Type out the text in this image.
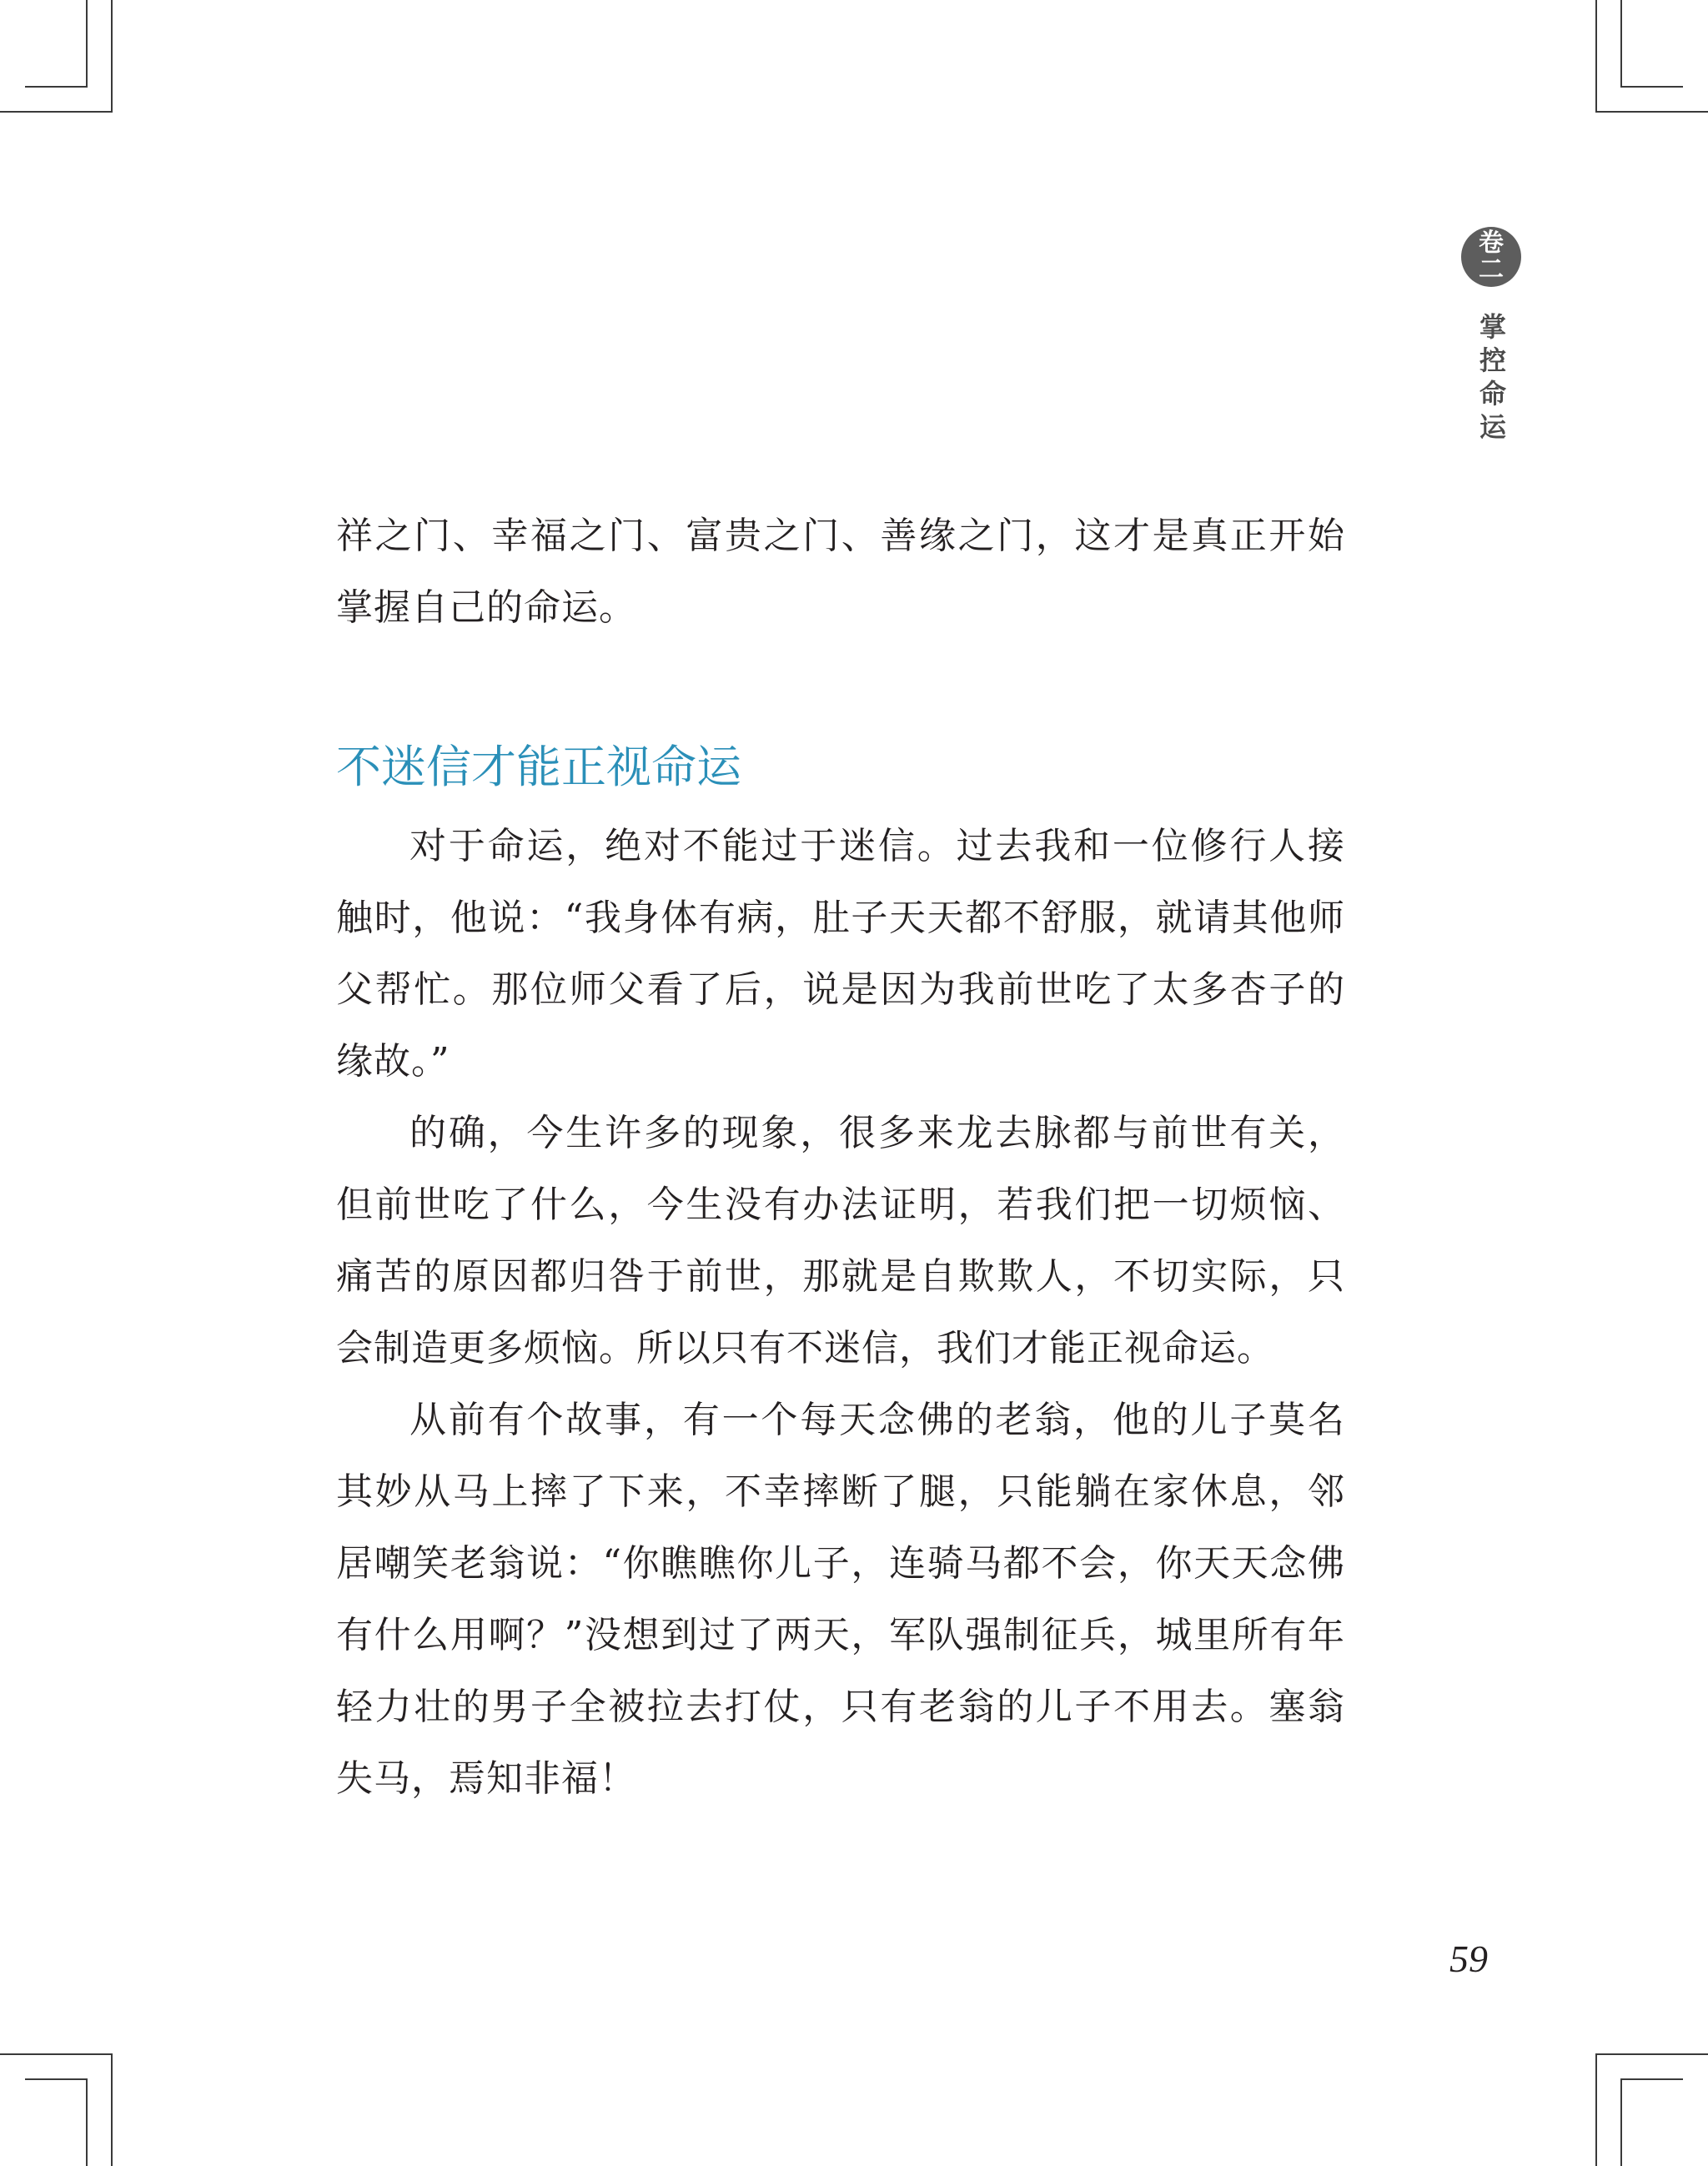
卷
二
掌
控
命
运

祥之门、幸福之门、富贵之门、善缘之门，这才是真正开始掌握自己的命运。

不迷信才能正视命运

对于命运，绝对不能过于迷信。过去我和一位修行人接触时，他说：“我身体有病，肚子天天都不舒服，就请其他师父帮忙。那位师父看了后，说是因为我前世吃了太多杏子的缘故。”

的确，今生许多的现象，很多来龙去脉都与前世有关，但前世吃了什么，今生没有办法证明，若我们把一切烦恼、痛苦的原因都归咎于前世，那就是自欺欺人，不切实际，只会制造更多烦恼。所以只有不迷信，我们才能正视命运。

从前有个故事，有一个每天念佛的老翁，他的儿子莫名其妙从马上摔了下来，不幸摔断了腿，只能躺在家休息，邻居嘲笑老翁说：“你瞧瞧你儿子，连骑马都不会，你天天念佛有什么用啊？”没想到过了两天，军队强制征兵，城里所有年轻力壮的男子全被拉去打仗，只有老翁的儿子不用去。塞翁失马，焉知非福！

59
